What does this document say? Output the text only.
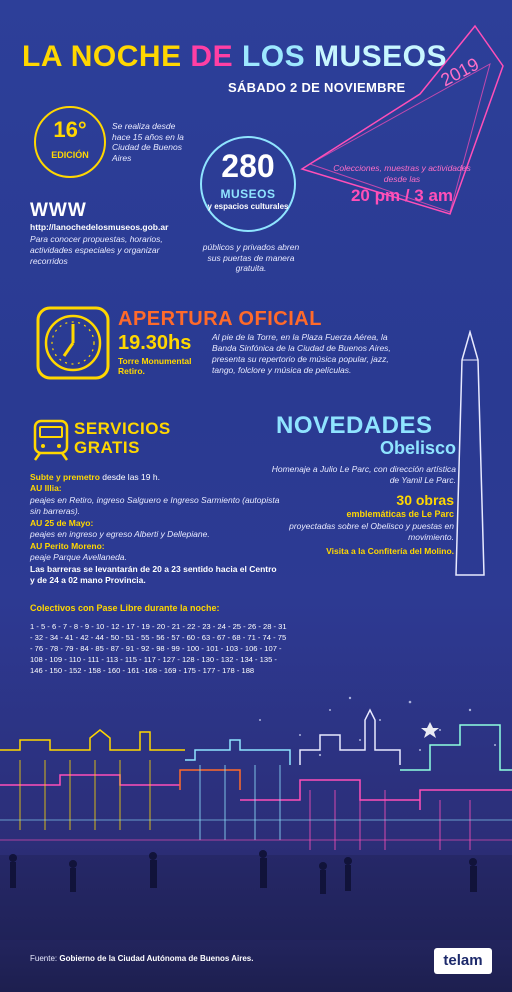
LA NOCHE DE LOS MUSEOS
SÁBADO 2 DE NOVIEMBRE 2019
16°
EDICIÓN
Se realiza desde hace 15 años en la Ciudad de Buenos Aires
WWW
http://lanochedelosmuseos.gob.ar
Para conocer propuestas, horarios, actividades especiales y organizar recorridos
280
MUSEOS
y espacios culturales
públicos y privados abren sus puertas de manera gratuita.
Colecciones, muestras y actividades desde las
20 pm / 3 am
APERTURA OFICIAL
19.30hs
Torre Monumental Retiro.
Al pie de la Torre, en la Plaza Fuerza Aérea, la Banda Sinfónica de la Ciudad de Buenos Aires, presenta su repertorio de música popular, jazz, tango, folclore y música de películas.
SERVICIOS
GRATIS
Subte y premetro desde las 19 h.
AU Illia:
peajes en Retiro, ingreso Salguero e Ingreso Sarmiento (autopista sin barreras).
AU 25 de Mayo:
peajes en ingreso y egreso Alberti y Dellepiane.
AU Perito Moreno:
peaje Parque Avellaneda.
Las barreras se levantarán de 20 a 23 sentido hacia el Centro y de 24 a 02 mano Provincia.
Colectivos con Pase Libre durante la noche:
1 - 5 - 6 - 7 - 8 - 9 - 10 - 12 - 17 - 19 - 20 - 21 - 22 - 23 - 24 - 25 - 26 - 28 - 31 - 32 - 34 - 41 - 42 - 44 - 50 - 51 - 55 - 56 - 57 - 60 - 63 - 67 - 68 - 71 - 74 - 75 - 76 - 78 - 79 - 84 - 85 - 87 - 91 - 92 - 98 - 99 - 100 - 101 - 103 - 106 - 107 - 108 - 109 - 110 - 111 - 113 - 115 - 117 - 127 - 128 - 130 - 132 - 134 - 135 - 146 - 150 - 152 - 158 - 160 - 161 -168 - 169 - 175 - 177 - 178 - 188
NOVEDADES
Obelisco
Homenaje a Julio Le Parc, con dirección artística de Yamil Le Parc.
30 obras
emblemáticas de Le Parc
proyectadas sobre el Obelisco y puestas en movimiento.
Visita a la Confitería del Molino.
Fuente: Gobierno de la Ciudad Autónoma de Buenos Aires.	telam
